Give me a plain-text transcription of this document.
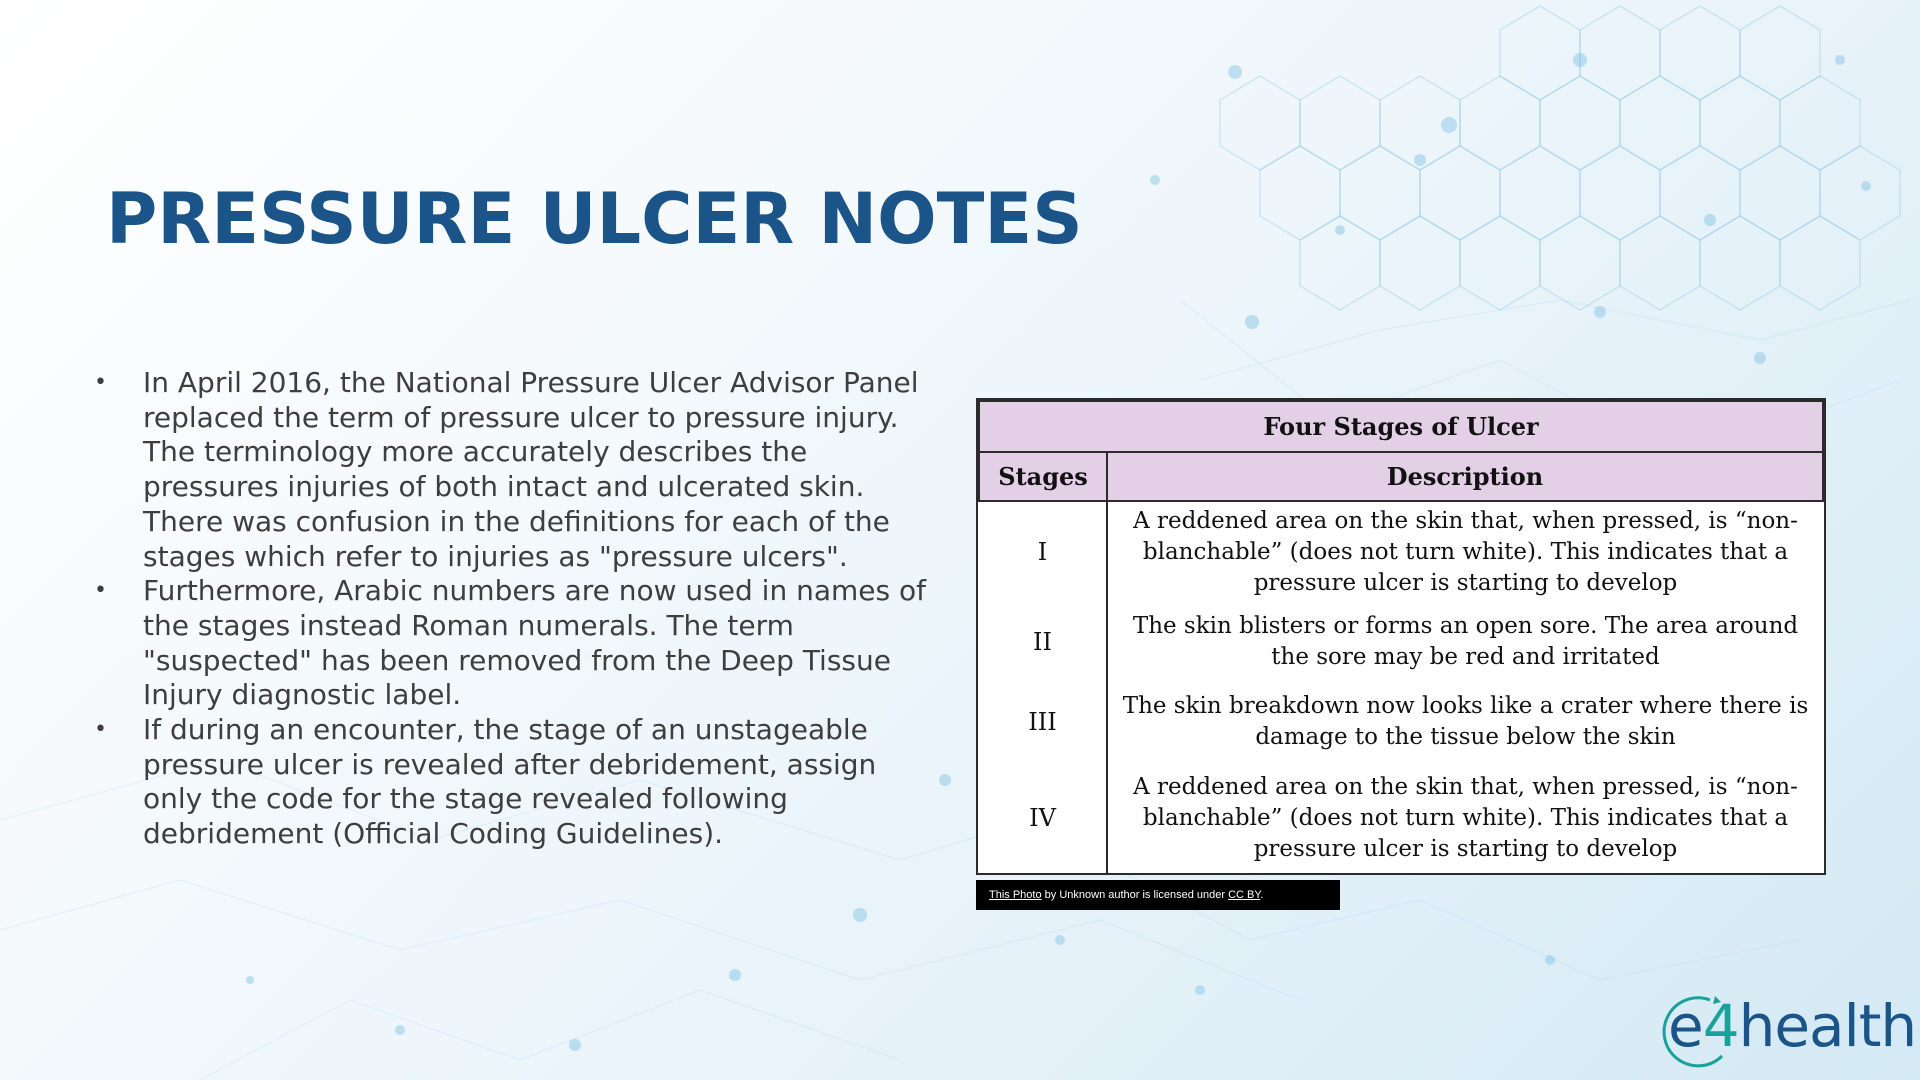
PRESSURE ULCER NOTES
• In April 2016, the National Pressure Ulcer Advisor Panel replaced the term of pressure ulcer to pressure injury. The terminology more accurately describes the pressures injuries of both intact and ulcerated skin. There was confusion in the definitions for each of the stages which refer to injuries as "pressure ulcers".
• Furthermore, Arabic numbers are now used in names of the stages instead Roman numerals. The term "suspected" has been removed from the Deep Tissue Injury diagnostic label.
• If during an encounter, the stage of an unstageable pressure ulcer is revealed after debridement, assign only the code for the stage revealed following debridement (Official Coding Guidelines).
Four Stages of Ulcer	
Stages	Description
I	A reddened area on the skin that, when pressed, is “non-blanchable” (does not turn white). This indicates that a pressure ulcer is starting to develop
II	The skin blisters or forms an open sore. The area around the sore may be red and irritated
III	The skin breakdown now looks like a crater where there is damage to the tissue below the skin
IV	A reddened area on the skin that, when pressed, is “non-blanchable” (does not turn white). This indicates that a pressure ulcer is starting to develop
This Photo by Unknown author is licensed under CC BY.
e4health
